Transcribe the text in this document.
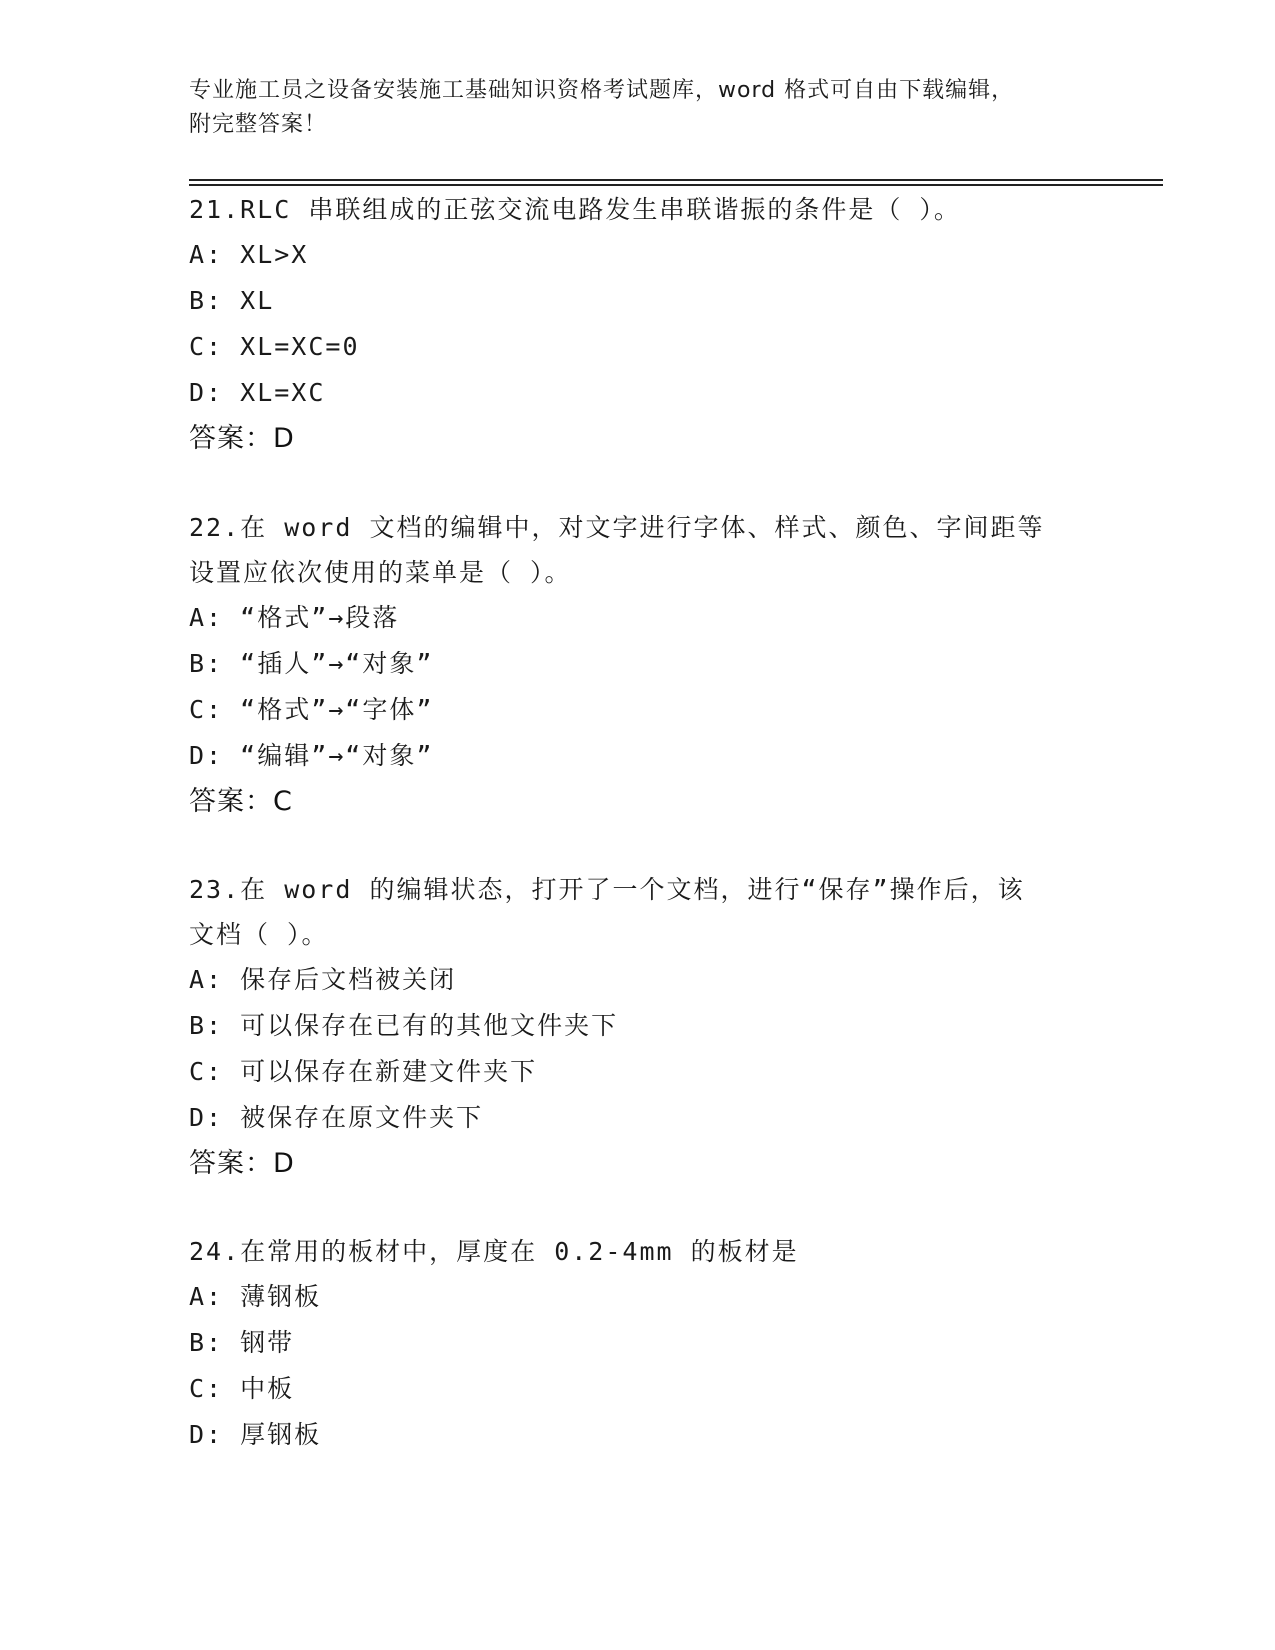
专业施工员之设备安装施工基础知识资格考试题库，word 格式可自由下载编辑，
附完整答案！
21.RLC 串联组成的正弦交流电路发生串联谐振的条件是（ ）。
A: XL>X
B: XL
C: XL=XC=0
D: XL=XC
答案：D
22.在 word 文档的编辑中，对文字进行字体、样式、颜色、字间距等
设置应依次使用的菜单是（ ）。
A: “格式”→段落
B: “插人”→“对象”
C: “格式”→“字体”
D: “编辑”→“对象”
答案：C
23.在 word 的编辑状态，打开了一个文档，进行“保存”操作后，该
文档（ ）。
A: 保存后文档被关闭
B: 可以保存在已有的其他文件夹下
C: 可以保存在新建文件夹下
D: 被保存在原文件夹下
答案：D
24.在常用的板材中，厚度在 0.2-4mm 的板材是
A: 薄钢板
B: 钢带
C: 中板
D: 厚钢板
